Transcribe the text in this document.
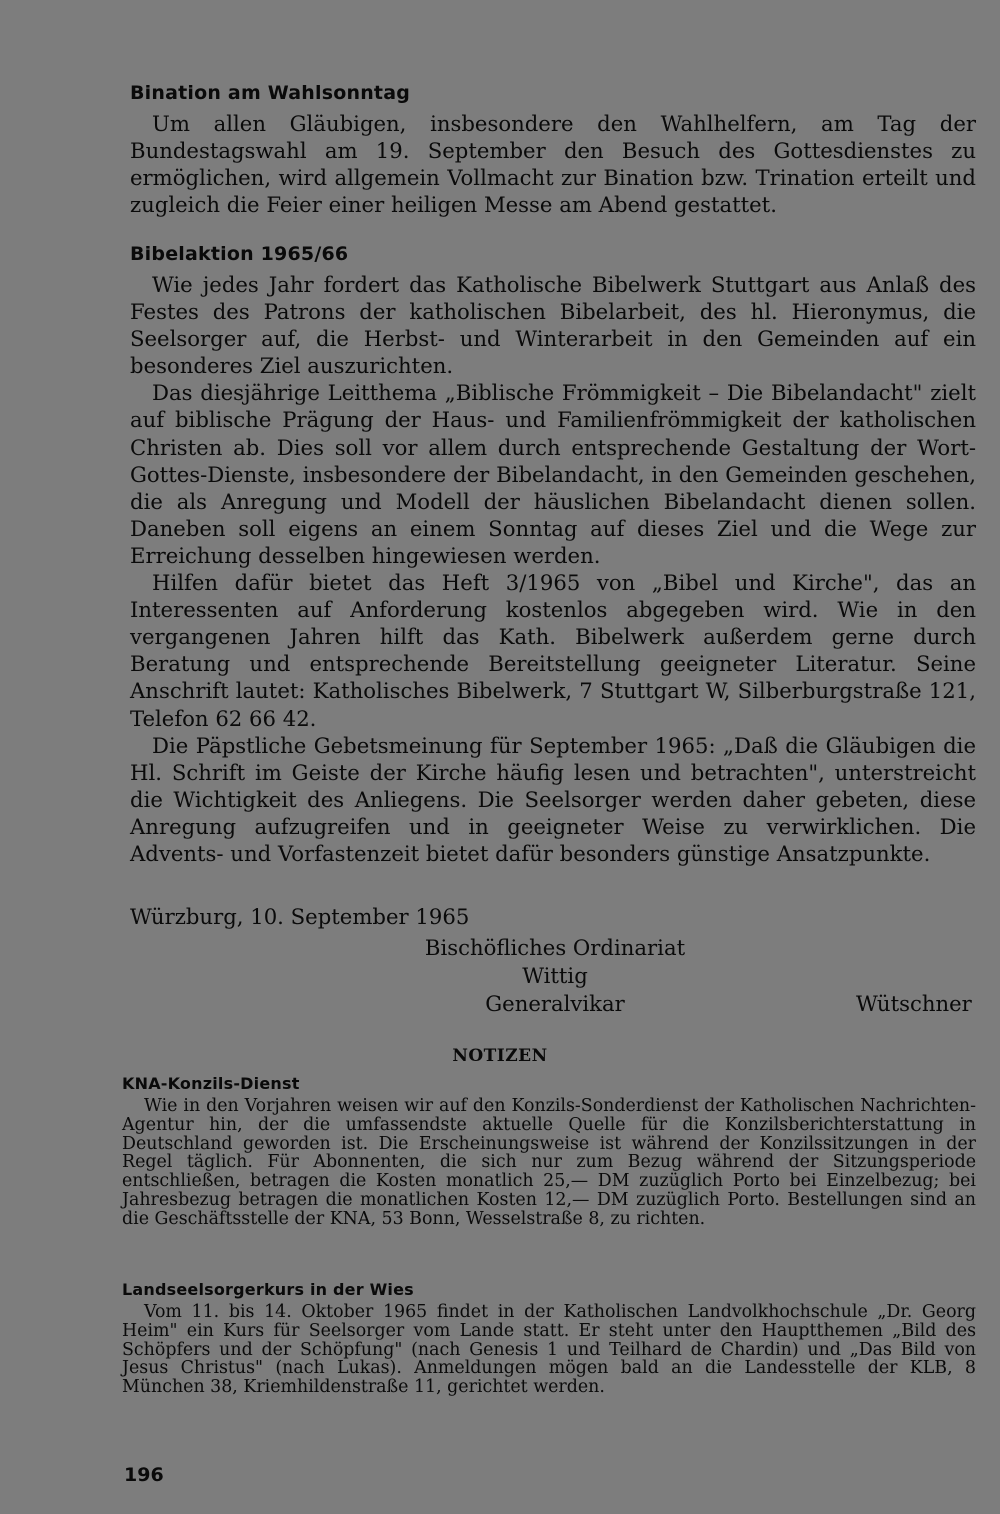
Bination am Wahlsonntag

Um allen Gläubigen, insbesondere den Wahlhelfern, am Tag der Bundestagswahl am 19. September den Besuch des Gottesdienstes zu ermöglichen, wird allgemein Vollmacht zur Bination bzw. Trination erteilt und zugleich die Feier einer heiligen Messe am Abend gestattet.

Bibelaktion 1965/66

Wie jedes Jahr fordert das Katholische Bibelwerk Stuttgart aus Anlaß des Festes des Patrons der katholischen Bibelarbeit, des hl. Hieronymus, die Seelsorger auf, die Herbst- und Winterarbeit in den Gemeinden auf ein besonderes Ziel auszurichten.

Das diesjährige Leitthema „Biblische Frömmigkeit – Die Bibelandacht" zielt auf biblische Prägung der Haus- und Familienfrömmigkeit der katholischen Christen ab. Dies soll vor allem durch entsprechende Gestaltung der Wort-Gottes-Dienste, insbesondere der Bibelandacht, in den Gemeinden geschehen, die als Anregung und Modell der häuslichen Bibelandacht dienen sollen. Daneben soll eigens an einem Sonntag auf dieses Ziel und die Wege zur Erreichung desselben hingewiesen werden.

Hilfen dafür bietet das Heft 3/1965 von „Bibel und Kirche", das an Interessenten auf Anforderung kostenlos abgegeben wird. Wie in den vergangenen Jahren hilft das Kath. Bibelwerk außerdem gerne durch Beratung und entsprechende Bereitstellung geeigneter Literatur. Seine Anschrift lautet: Katholisches Bibelwerk, 7 Stuttgart W, Silberburgstraße 121, Telefon 62 66 42.

Die Päpstliche Gebetsmeinung für September 1965: „Daß die Gläubigen die Hl. Schrift im Geiste der Kirche häufig lesen und betrachten", unterstreicht die Wichtigkeit des Anliegens. Die Seelsorger werden daher gebeten, diese Anregung aufzugreifen und in geeigneter Weise zu verwirklichen. Die Advents- und Vorfastenzeit bietet dafür besonders günstige Ansatzpunkte.

Würzburg, 10. September 1965
Bischöfliches Ordinariat
Wittig
Generalvikar	Wütschner
NOTIZEN
KNA-Konzils-Dienst

Wie in den Vorjahren weisen wir auf den Konzils-Sonderdienst der Katholischen Nachrichten-Agentur hin, der die umfassendste aktuelle Quelle für die Konzilsberichterstattung in Deutschland geworden ist. Die Erscheinungsweise ist während der Konzilssitzungen in der Regel täglich. Für Abonnenten, die sich nur zum Bezug während der Sitzungsperiode entschließen, betragen die Kosten monatlich 25,— DM zuzüglich Porto bei Einzelbezug; bei Jahresbezug betragen die monatlichen Kosten 12,— DM zuzüglich Porto. Bestellungen sind an die Geschäftsstelle der KNA, 53 Bonn, Wesselstraße 8, zu richten.

Landseelsorgerkurs in der Wies

Vom 11. bis 14. Oktober 1965 findet in der Katholischen Landvolkhochschule „Dr. Georg Heim" ein Kurs für Seelsorger vom Lande statt. Er steht unter den Hauptthemen „Bild des Schöpfers und der Schöpfung" (nach Genesis 1 und Teilhard de Chardin) und „Das Bild von Jesus Christus" (nach Lukas). Anmeldungen mögen bald an die Landesstelle der KLB, 8 München 38, Kriemhildenstraße 11, gerichtet werden.

196
